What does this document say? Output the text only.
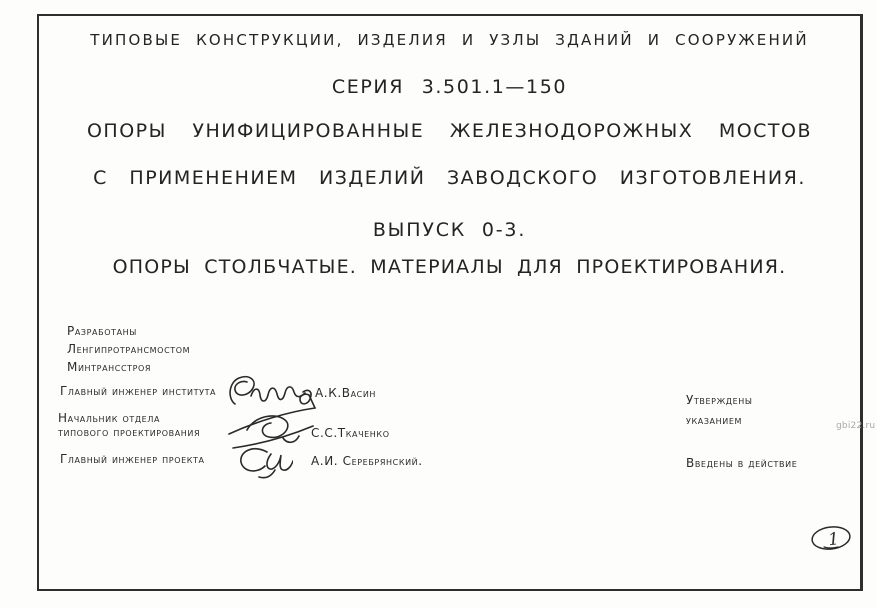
gbi22.ru
ТИПОВЫЕ КОНСТРУКЦИИ, ИЗДЕЛИЯ И УЗЛЫ ЗДАНИЙ И СООРУЖЕНИЙ
СЕРИЯ 3.501.1—150
ОПОРЫ УНИФИЦИРОВАННЫЕ ЖЕЛЕЗНОДОРОЖНЫХ МОСТОВ
С ПРИМЕНЕНИЕМ ИЗДЕЛИЙ ЗАВОДСКОГО ИЗГОТОВЛЕНИЯ.
ВЫПУСК 0-3.
ОПОРЫ СТОЛБЧАТЫЕ. МАТЕРИАЛЫ ДЛЯ ПРОЕКТИРОВАНИЯ.
Разработаны
Ленгипротрансмостом
Минтрансстроя
Главный инженер института	А.К.Васин
Начальник отдела
типового проектирования	С.С.Ткаченко
Главный инженер проекта	А.И. Серебрянский.
Утверждены
указанием
Введены в действие
1
